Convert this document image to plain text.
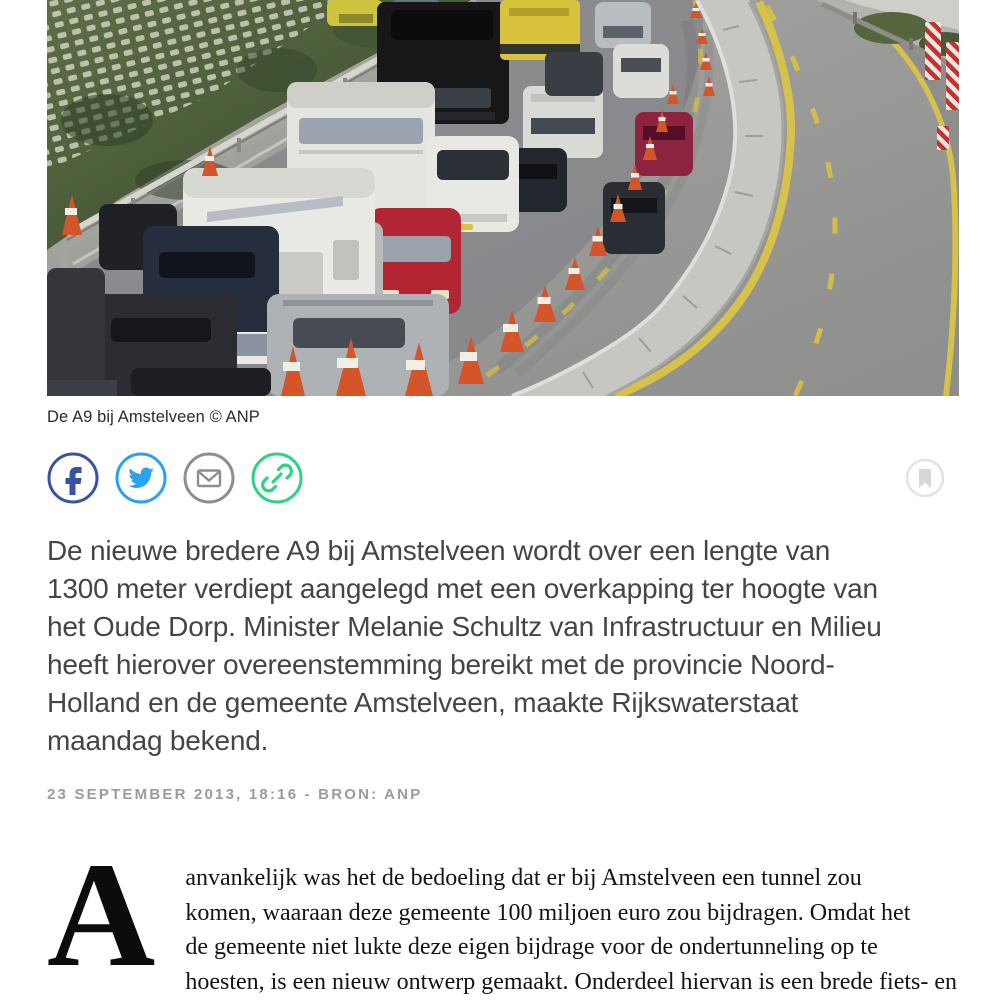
De A9 bij Amstelveen © ANP
De nieuwe bredere A9 bij Amstelveen wordt over een lengte van
1300 meter verdiept aangelegd met een overkapping ter hoogte van
het Oude Dorp. Minister Melanie Schultz van Infrastructuur en Milieu
heeft hierover overeenstemming bereikt met de provincie Noord-
Holland en de gemeente Amstelveen, maakte Rijkswaterstaat
maandag bekend.
23 SEPTEMBER 2013, 18:16 - BRON: ANP
A	anvankelijk was het de bedoeling dat er bij Amstelveen een tunnel zou
komen, waaraan deze gemeente 100 miljoen euro zou bijdragen. Omdat het
de gemeente niet lukte deze eigen bijdrage voor de ondertunneling op te
hoesten, is een nieuw ontwerp gemaakt. Onderdeel hiervan is een brede fiets- en
